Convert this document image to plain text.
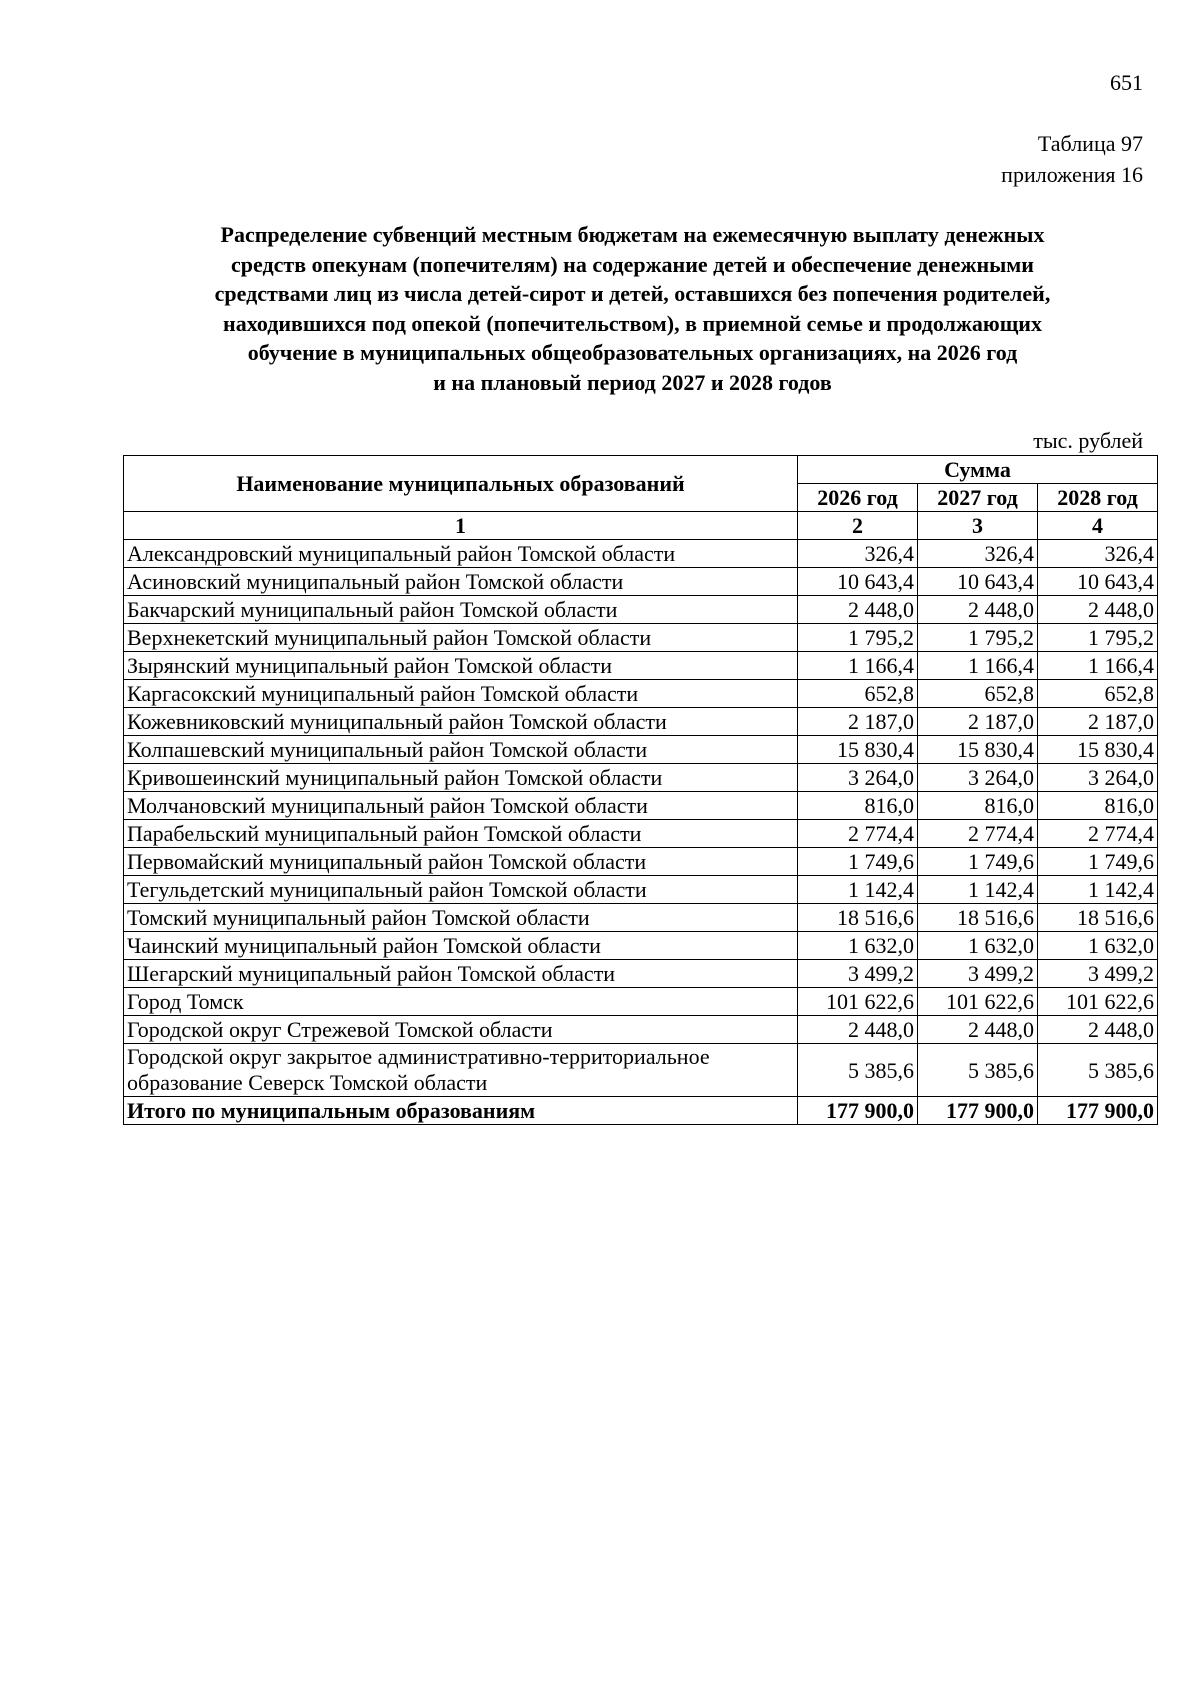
651
Таблица 97
приложения 16
Распределение субвенций местным бюджетам на ежемесячную выплату денежных
средств опекунам (попечителям) на содержание детей и обеспечение денежными
средствами лиц из числа детей-сирот и детей, оставшихся без попечения родителей,
находившихся под опекой (попечительством), в приемной семье и продолжающих
обучение в муниципальных общеобразовательных организациях, на 2026 год
и на плановый период 2027 и 2028 годов
тыс. рублей
Наименование муниципальных образований	Сумма		
	2026 год	2027 год	2028 год
1	2	3	4
Александровский муниципальный район Томской области	326,4	326,4	326,4
Асиновский муниципальный район Томской области	10 643,4	10 643,4	10 643,4
Бакчарский муниципальный район Томской области	2 448,0	2 448,0	2 448,0
Верхнекетский муниципальный район Томской области	1 795,2	1 795,2	1 795,2
Зырянский муниципальный район Томской области	1 166,4	1 166,4	1 166,4
Каргасокский муниципальный район Томской области	652,8	652,8	652,8
Кожевниковский муниципальный район Томской области	2 187,0	2 187,0	2 187,0
Колпашевский муниципальный район Томской области	15 830,4	15 830,4	15 830,4
Кривошеинский муниципальный район Томской области	3 264,0	3 264,0	3 264,0
Молчановский муниципальный район Томской области	816,0	816,0	816,0
Парабельский муниципальный район Томской области	2 774,4	2 774,4	2 774,4
Первомайский муниципальный район Томской области	1 749,6	1 749,6	1 749,6
Тегульдетский муниципальный район Томской области	1 142,4	1 142,4	1 142,4
Томский муниципальный район Томской области	18 516,6	18 516,6	18 516,6
Чаинский муниципальный район Томской области	1 632,0	1 632,0	1 632,0
Шегарский муниципальный район Томской области	3 499,2	3 499,2	3 499,2
Город Томск	101 622,6	101 622,6	101 622,6
Городской округ Стрежевой Томской области	2 448,0	2 448,0	2 448,0
Городской округ закрытое административно-территориальное образование Северск Томской области	5 385,6	5 385,6	5 385,6
Итого по муниципальным образованиям	177 900,0	177 900,0	177 900,0
